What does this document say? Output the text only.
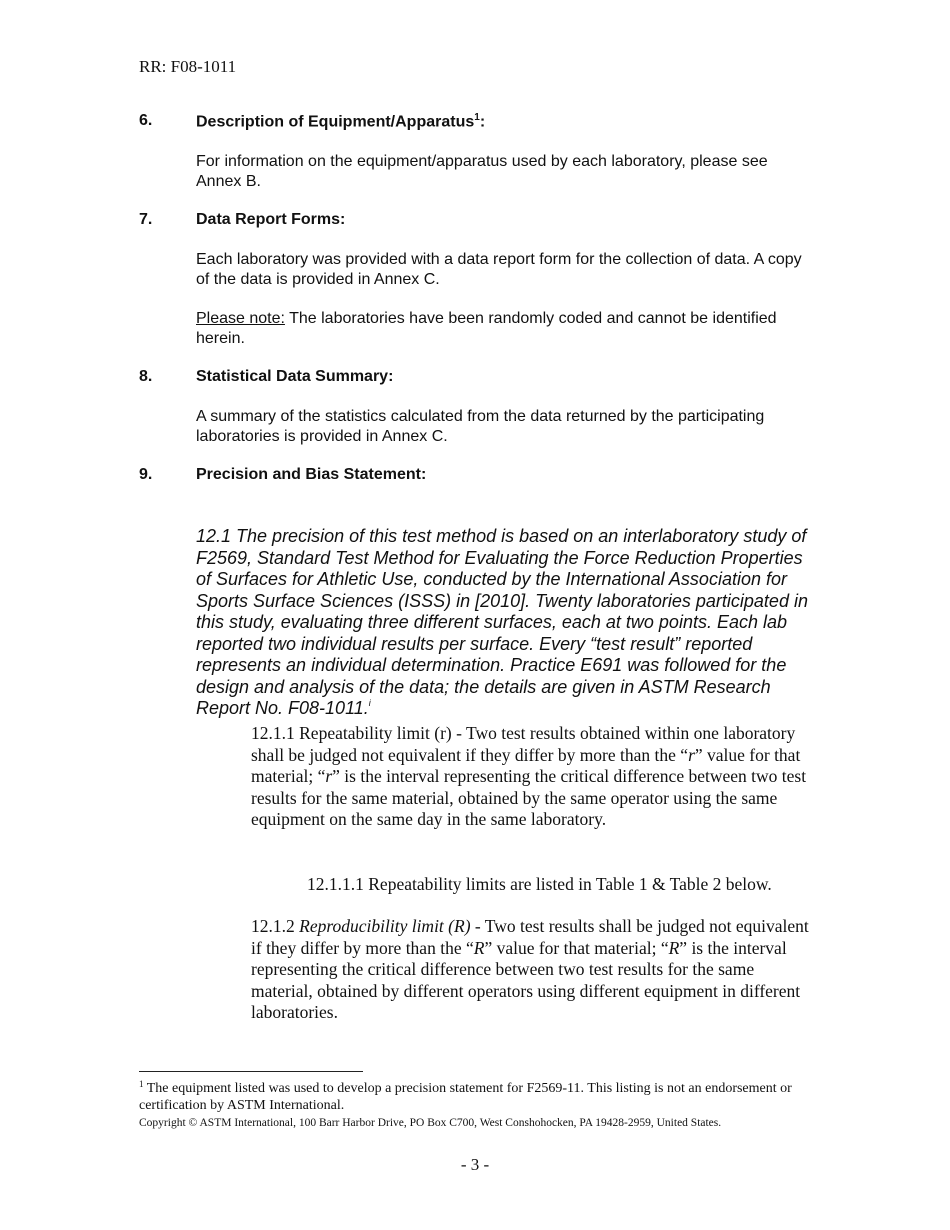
RR: F08-1011
6.	Description of Equipment/Apparatus$^1$:
For information on the equipment/apparatus used by each laboratory, please see Annex B.
7.	Data Report Forms:
Each laboratory was provided with a data report form for the collection of data. A copy of the data is provided in Annex C.
Please note: The laboratories have been randomly coded and cannot be identified herein.
8.	Statistical Data Summary:
A summary of the statistics calculated from the data returned by the participating laboratories is provided in Annex C.
9.	Precision and Bias Statement:
12.1 The precision of this test method is based on an interlaboratory study of F2569, Standard Test Method for Evaluating the Force Reduction Properties of Surfaces for Athletic Use, conducted by the International Association for Sports Surface Sciences (ISSS) in [2010]. Twenty laboratories participated in this study, evaluating three different surfaces, each at two points. Each lab reported two individual results per surface. Every “test result” reported represents an individual determination. Practice E691 was followed for the design and analysis of the data; the details are given in ASTM Research Report No. F08-1011.$^i$
12.1.1 Repeatability limit (r) - Two test results obtained within one laboratory shall be judged not equivalent if they differ by more than the “r” value for that material; “r” is the interval representing the critical difference between two test results for the same material, obtained by the same operator using the same equipment on the same day in the same laboratory.
12.1.1.1 Repeatability limits are listed in Table 1 & Table 2 below.
12.1.2 Reproducibility limit (R) - Two test results shall be judged not equivalent if they differ by more than the “R” value for that material; “R” is the interval representing the critical difference between two test results for the same material, obtained by different operators using different equipment in different laboratories.
$^1$ The equipment listed was used to develop a precision statement for F2569-11. This listing is not an endorsement or certification by ASTM International.
Copyright © ASTM International, 100 Barr Harbor Drive, PO Box C700, West Conshohocken, PA 19428-2959, United States.
- 3 -
